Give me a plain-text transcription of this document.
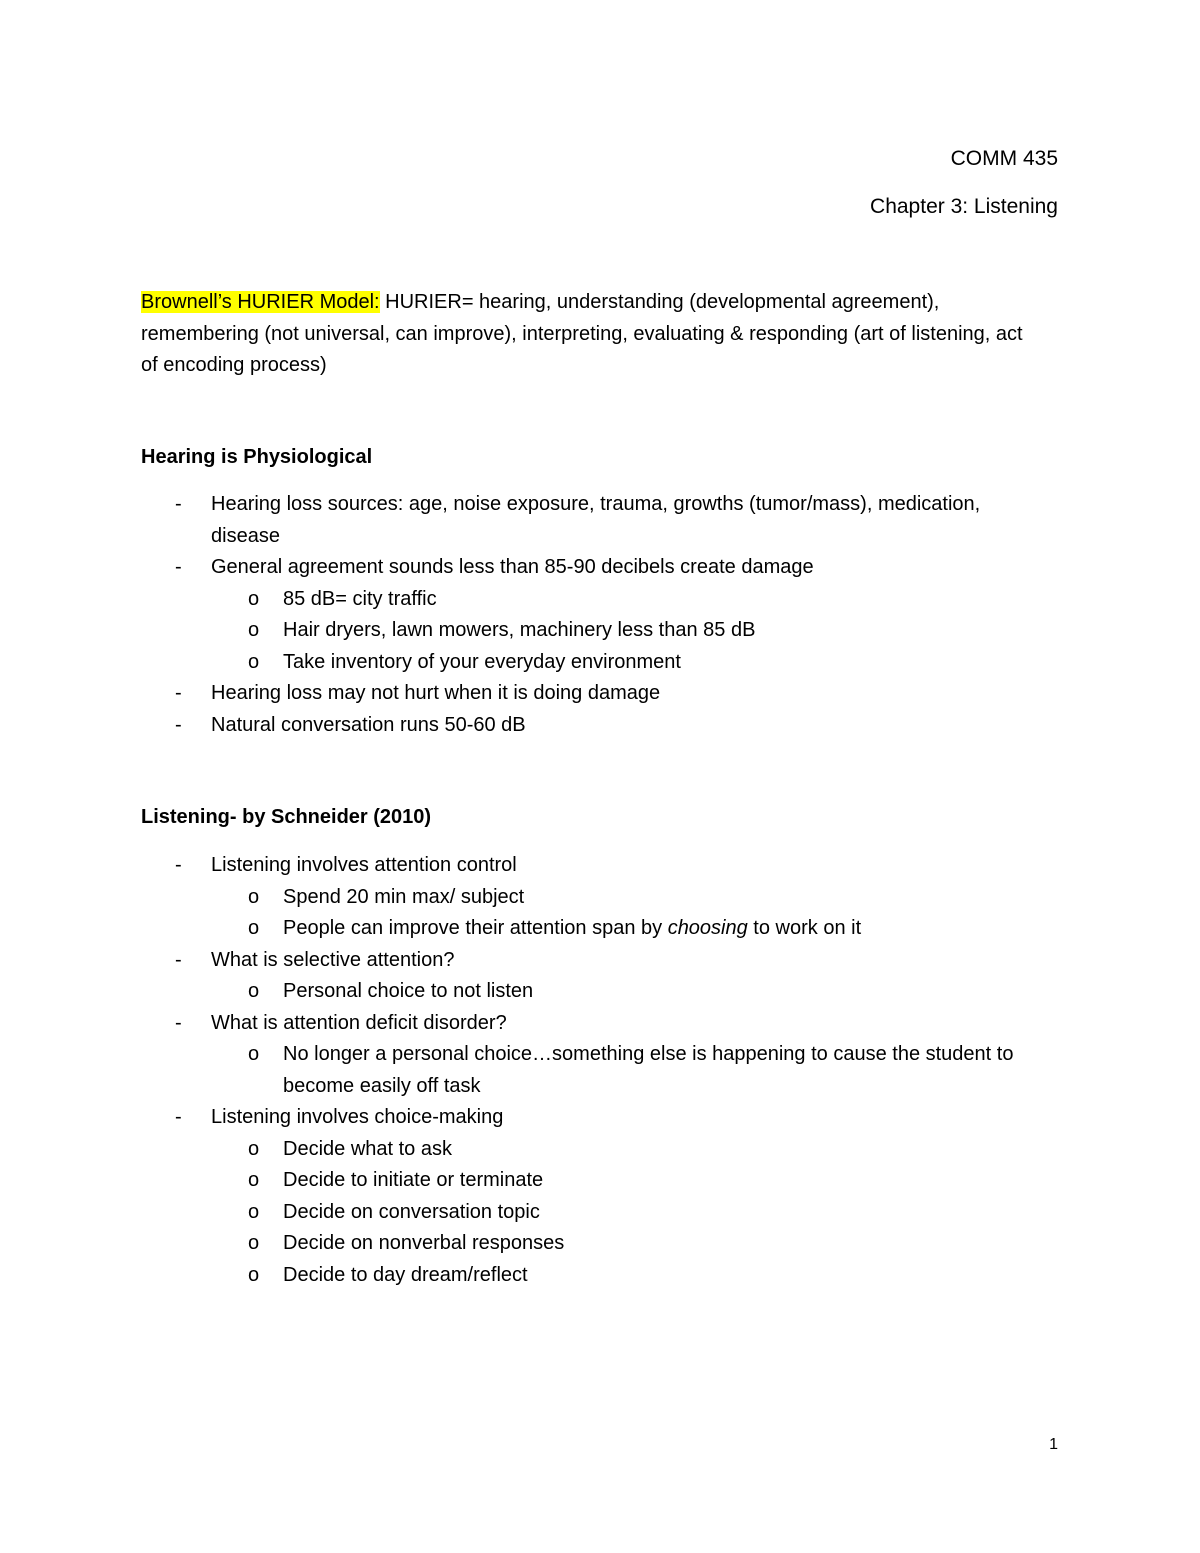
COMM 435
Chapter 3: Listening
Brownell’s HURIER Model: HURIER= hearing, understanding (developmental agreement), remembering (not universal, can improve), interpreting, evaluating & responding (art of listening, act of encoding process)
Hearing is Physiological
- Hearing loss sources: age, noise exposure, trauma, growths (tumor/mass), medication, disease
- General agreement sounds less than 85-90 decibels create damage
o 85 dB= city traffic
o Hair dryers, lawn mowers, machinery less than 85 dB
o Take inventory of your everyday environment
- Hearing loss may not hurt when it is doing damage
- Natural conversation runs 50-60 dB
Listening- by Schneider (2010)
- Listening involves attention control
o Spend 20 min max/ subject
o People can improve their attention span by choosing to work on it
- What is selective attention?
o Personal choice to not listen
- What is attention deficit disorder?
o No longer a personal choice…something else is happening to cause the student to become easily off task
- Listening involves choice-making
o Decide what to ask
o Decide to initiate or terminate
o Decide on conversation topic
o Decide on nonverbal responses
o Decide to day dream/reflect
1
